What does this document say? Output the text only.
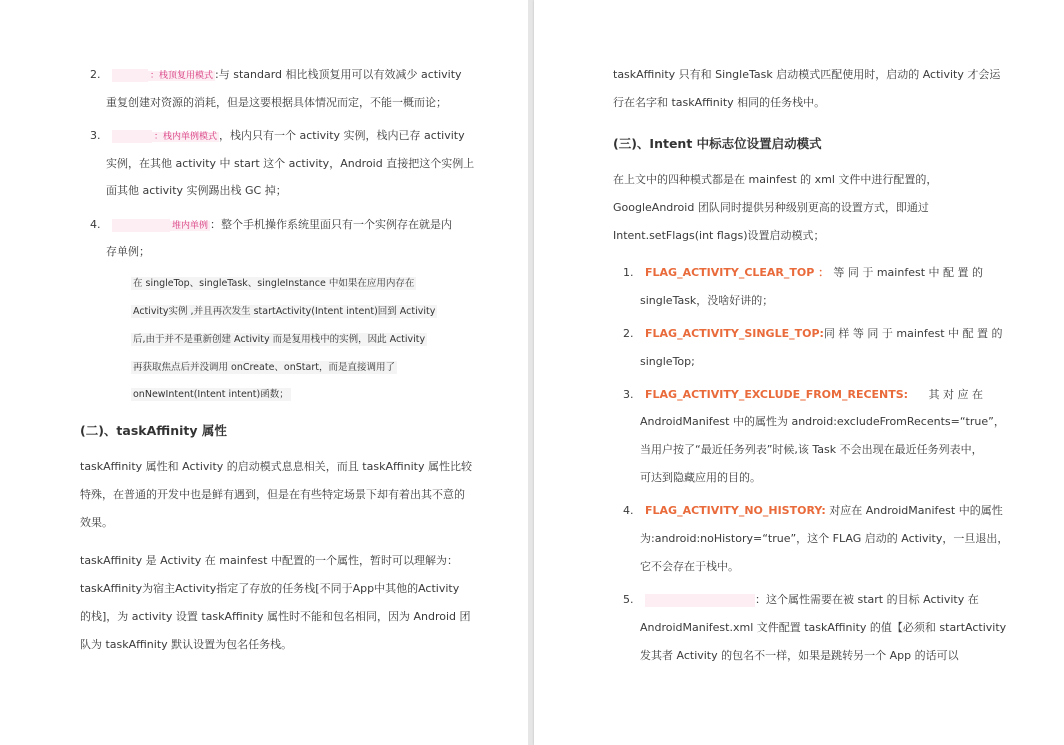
2.	：栈顶复用模式 :与 standard 相比栈顶复用可以有效减少 activity
重复创建对资源的消耗，但是这要根据具体情况而定，不能一概而论；
3.	：栈内单例模式 ，栈内只有一个 activity 实例，栈内已存 activity
实例，在其他 activity 中 start 这个 activity，Android 直接把这个实例上
面其他 activity 实例踢出栈 GC 掉；
4.	堆内单例 ：整个手机操作系统里面只有一个实例存在就是内
存单例；
在 singleTop、singleTask、singleInstance 中如果在应用内存在
Activity实例 ,并且再次发生 startActivity(Intent intent)回到 Activity
后,由于并不是重新创建 Activity 而是复用栈中的实例，因此 Activity
再获取焦点后并没调用 onCreate、onStart，而是直接调用了
onNewIntent(Intent intent)函数；
(二)、taskAffinity 属性
taskAffinity 属性和 Activity 的启动模式息息相关，而且 taskAffinity 属性比较
特殊，在普通的开发中也是鲜有遇到，但是在有些特定场景下却有着出其不意的
效果。
taskAffinity 是 Activity 在 mainfest 中配置的一个属性，暂时可以理解为：
taskAffinity为宿主Activity指定了存放的任务栈[不同于App中其他的Activity
的栈]，为 activity 设置 taskAffinity 属性时不能和包名相同，因为 Android 团
队为 taskAffinity 默认设置为包名任务栈。
taskAffinity 只有和 SingleTask 启动模式匹配使用时，启动的 Activity 才会运
行在名字和 taskAffinity 相同的任务栈中。
(三)、Intent 中标志位设置启动模式
在上文中的四种模式都是在 mainfest 的 xml 文件中进行配置的，
GoogleAndroid 团队同时提供另种级别更高的设置方式，即通过
Intent.setFlags(int flags)设置启动模式；
1. FLAG_ACTIVITY_CLEAR_TOP ： 等 同 于 mainfest 中 配 置 的
singleTask，没啥好讲的；
2. FLAG_ACTIVITY_SINGLE_TOP: 同 样 等 同 于 mainfest 中 配 置 的
singleTop;
3. FLAG_ACTIVITY_EXCLUDE_FROM_RECENTS: 其 对 应 在
AndroidManifest 中的属性为 android:excludeFromRecents=“true”，
当用户按了“最近任务列表”时候,该 Task 不会出现在最近任务列表中，
可达到隐藏应用的目的。
4. FLAG_ACTIVITY_NO_HISTORY: 对应在 AndroidManifest 中的属性
为:android:noHistory=“true”，这个 FLAG 启动的 Activity，一旦退出，
它不会存在于栈中。
5.	：这个属性需要在被 start 的目标 Activity 在
AndroidManifest.xml 文件配置 taskAffinity 的值【必须和 startActivity
发其者 Activity 的包名不一样，如果是跳转另一个 App 的话可以
